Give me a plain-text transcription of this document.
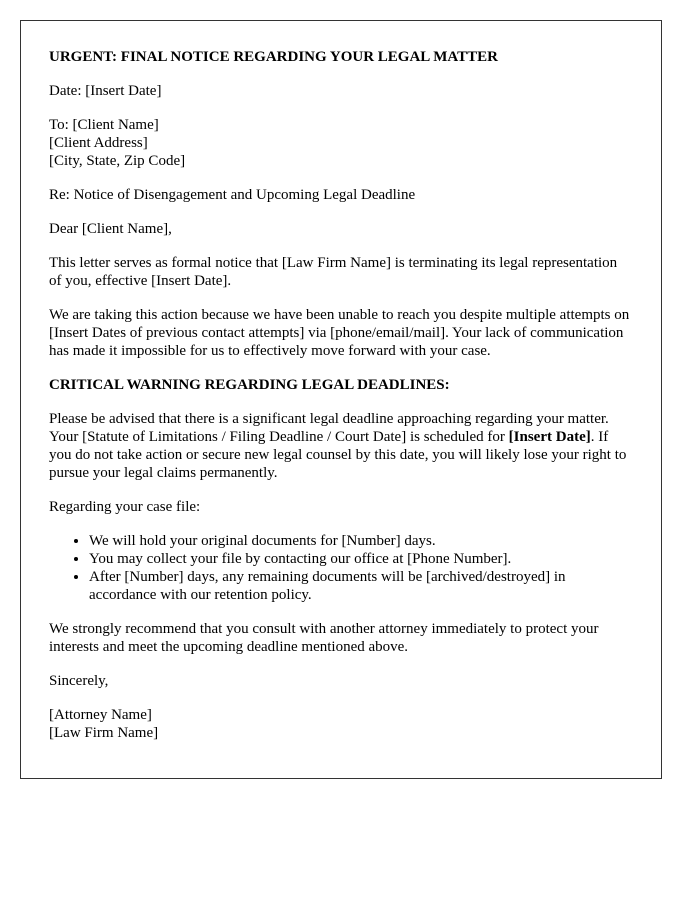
URGENT: FINAL NOTICE REGARDING YOUR LEGAL MATTER

Date: [Insert Date]

To: [Client Name]
[Client Address]
[City, State, Zip Code]

Re: Notice of Disengagement and Upcoming Legal Deadline

Dear [Client Name],

This letter serves as formal notice that [Law Firm Name] is terminating its legal representation of you, effective [Insert Date].

We are taking this action because we have been unable to reach you despite multiple attempts on [Insert Dates of previous contact attempts] via [phone/email/mail]. Your lack of communication has made it impossible for us to effectively move forward with your case.

CRITICAL WARNING REGARDING LEGAL DEADLINES:

Please be advised that there is a significant legal deadline approaching regarding your matter. Your [Statute of Limitations / Filing Deadline / Court Date] is scheduled for [Insert Date]. If you do not take action or secure new legal counsel by this date, you will likely lose your right to pursue your legal claims permanently.

Regarding your case file:

• We will hold your original documents for [Number] days.
• You may collect your file by contacting our office at [Phone Number].
• After [Number] days, any remaining documents will be [archived/destroyed] in accordance with our retention policy.

We strongly recommend that you consult with another attorney immediately to protect your interests and meet the upcoming deadline mentioned above.

Sincerely,

[Attorney Name]
[Law Firm Name]
